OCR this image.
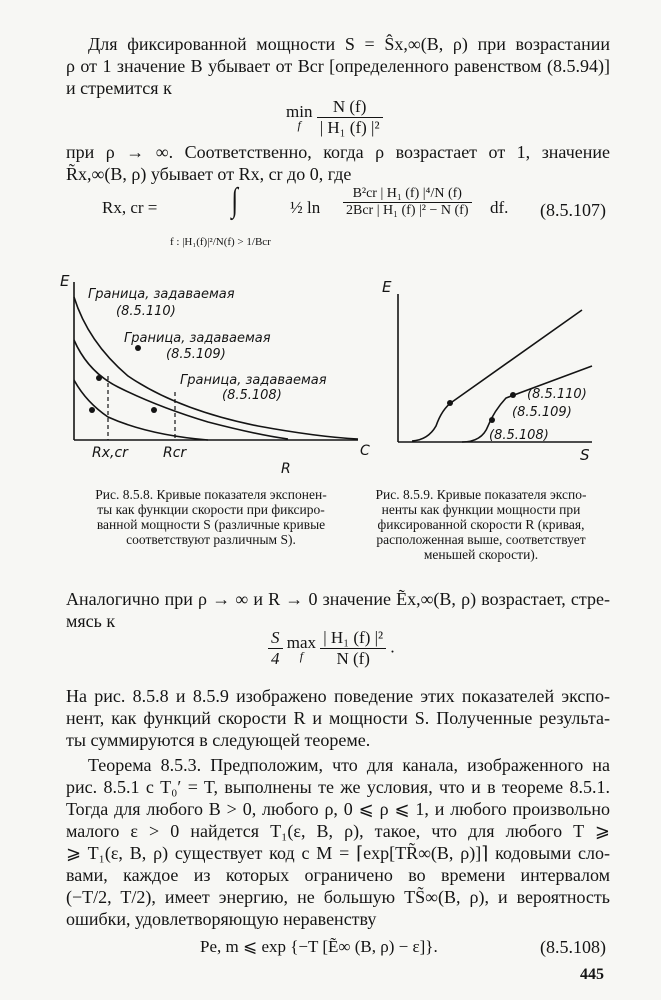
Для фиксированной мощности S = Ŝx,∞(B, ρ) при возрастании
ρ от 1 значение B убывает от Bcr [определенного равенством (8.5.94)]
и стремится к
min
f
$\frac{N (f)}{\text{| H₁ (f) |²}}$
при ρ → ∞. Соответственно, когда ρ возрастает от 1, значение
R̃x,∞(B, ρ) убывает от Rx, cr до 0, где
Rx, cr = ∫	½ $\ln \frac{\text{B²cr | H₁ (f) |⁴/N (f)}}{\text{2Bcr | H₁ (f) |² − N (f)}}$ df. (8.5.107)
f : |H₁(f)|²/N(f) > 1/Bcr
E
Граница, задаваемая
(8.5.110)
Граница, задаваемая
(8.5.109)
Граница, задаваемая
(8.5.108)
Rx,cr	Rcr	C
R
E
(8.5.110)
(8.5.109)
(8.5.108)
S
Рис. 8.5.8. Кривые показателя экспонен-
ты как функции скорости при фиксиро-
ванной мощности S (различные кривые
соответствуют различным S).
Рис. 8.5.9. Кривые показателя экспо-
ненты как функции мощности при
фиксированной скорости R (кривая,
расположенная выше, соответствует
меньшей скорости).
Аналогично при ρ → ∞ и R → 0 значение Ẽx,∞(B, ρ) возрастает, стре-
мясь к
$\frac{S}{4}$
max
f
	$\frac{\text{| H₁ (f) |²}}{N (f)}$ .
На рис. 8.5.8 и 8.5.9 изображено поведение этих показателей экспо-
нент, как функций скорости R и мощности S. Полученные результа-
ты суммируются в следующей теореме.
Теорема 8.5.3. Предположим, что для канала, изображенного на
рис. 8.5.1 с T₀′ = T, выполнены те же условия, что и в теореме 8.5.1.
Тогда для любого B > 0, любого ρ, 0 ⩽ ρ ⩽ 1, и любого произвольно
малого ε > 0 найдется T₁(ε, B, ρ), такое, что для любого T ⩾
⩾ T₁(ε, B, ρ) существует код с M = ⌈exp[TR̃∞(B, ρ)]⌉ кодовыми сло-
вами, каждое из которых ограничено во времени интервалом
(−T/2, T/2), имеет энергию, не большую TS̃∞(B, ρ), и вероятность
ошибки, удовлетворяющую неравенству
Pe, m ⩽ exp {−T [Ẽ∞ (B, ρ) − ε]}.	(8.5.108)
445
